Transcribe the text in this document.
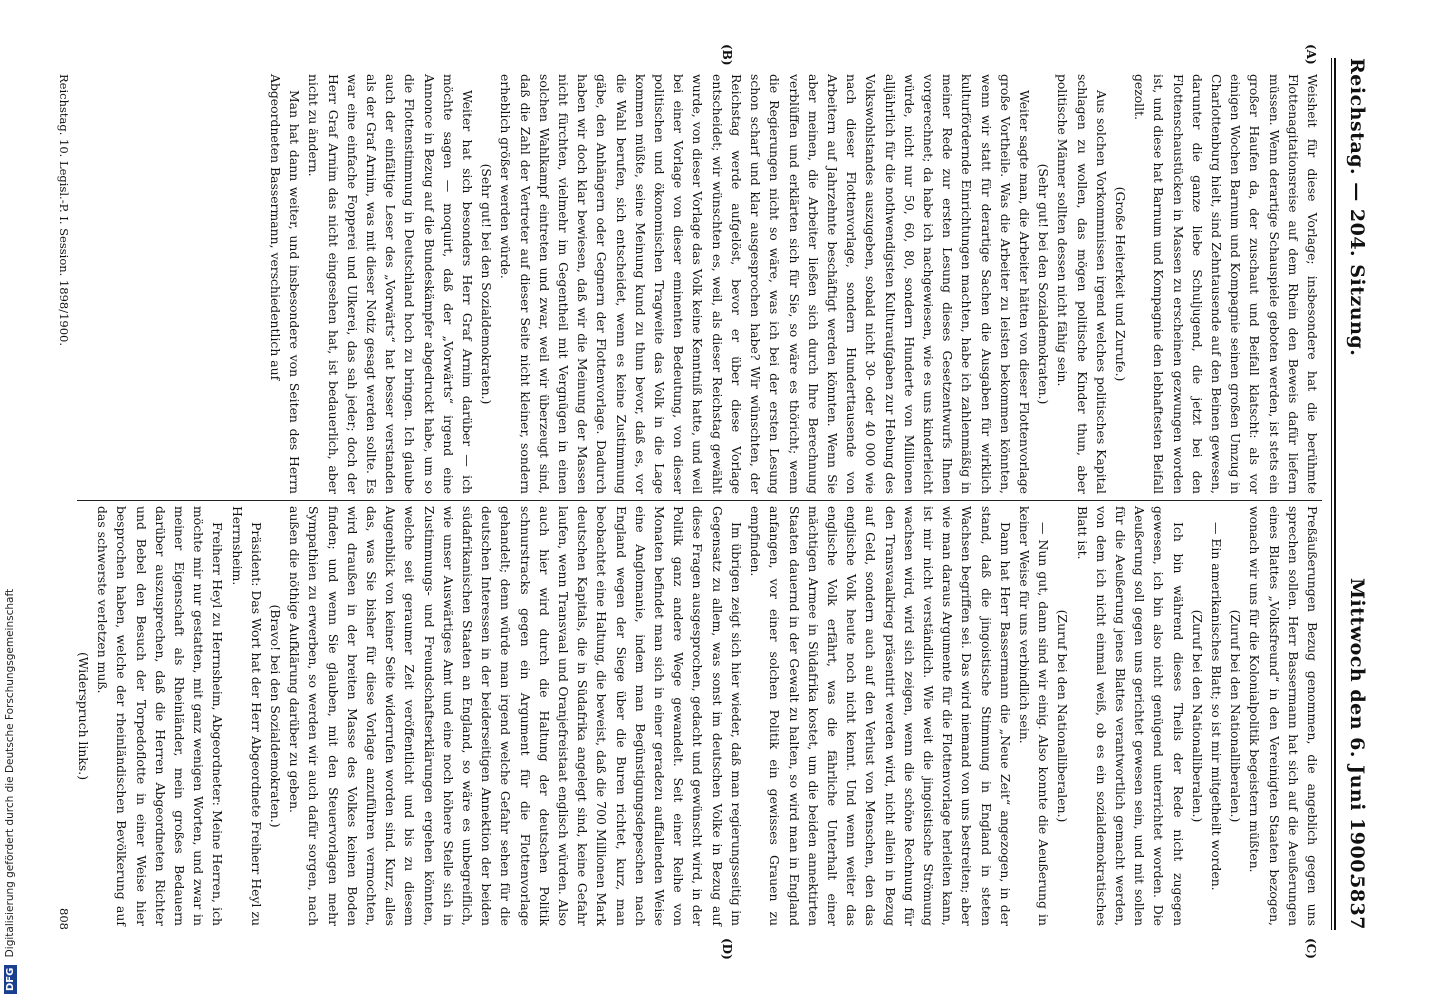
Reichstag. — 204. Sitzung.
5837
Mittwoch den 6. Juni 1900.
(A)
(B)
(C)
(D)

Weisheit für diese Vorlage; insbesondere hat die berühmte Flottenagitationsreise auf dem Rhein den Beweis dafür liefern müssen. Wenn derartige Schauspiele geboten werden, ist stets ein großer Haufen da, der zuschaut und Beifall klatscht: als vor einigen Wochen Barnum und Kompagnie seinen großen Umzug in Charlottenburg hielt, sind Zehntausende auf den Beinen gewesen, darunter die ganze liebe Schuljugend, die jetzt bei den Flottenschaustücken in Massen zu erscheinen gezwungen worden ist, und diese hat Barnum und Kompagnie den lebhaftesten Beifall gezollt.

(Große Heiterkeit und Zurufe.)

Aus solchen Vorkommnissen irgend welches politisches Kapital schlagen zu wollen, das mögen politische Kinder thun, aber politische Männer sollten dessen nicht fähig sein.

(Sehr gut! bei den Sozialdemokraten.)

Weiter sagte man, die Arbeiter hätten von dieser Flottenvorlage große Vortheile. Was die Arbeiter zu leisten bekommen könnten, wenn wir statt für derartige Sachen die Ausgaben für wirklich kulturfördernde Einrichtungen machten, habe ich zahlenmäßig in meiner Rede zur ersten Lesung dieses Gesetzentwurfs Ihnen vorgerechnet; da habe ich nachgewiesen, wie es uns kinderleicht würde, nicht nur 50, 60, 80, sondern Hunderte von Millionen alljährlich für die nothwendigsten Kulturaufgaben zur Hebung des Volkswohlstandes auszugeben, sobald nicht 30- oder 40 000 wie nach dieser Flottenvorlage, sondern Hunderttausende von Arbeitern auf Jahrzehnte beschäftigt werden könnten. Wenn Sie aber meinen, die Arbeiter ließen sich durch Ihre Berechnung verblüffen und erklärten sich für Sie, so wäre es thöricht; wenn die Regierungen nicht so wäre, was ich bei der ersten Lesung schon scharf und klar ausgesprochen habe? Wir wünschten, der Reichstag werde aufgelöst, bevor er über diese Vorlage entscheidet; wir wünschten es, weil, als dieser Reichstag gewählt wurde, von dieser Vorlage das Volk keine Kenntniß hatte, und weil bei einer Vorlage von dieser eminenten Bedeutung, von dieser politischen und ökonomischen Tragweite das Volk in die Lage kommen müßte, seine Meinung kund zu thun bevor, daß es, vor die Wahl berufen, sich entscheidet, wenn es keine Zustimmung gäbe, den Anhängern oder Gegnern der Flottenvorlage. Dadurch haben wir doch klar bewiesen, daß wir die Meinung der Massen nicht fürchten, vielmehr im Gegentheil mit Vergnügen in einen solchen Wahlkampf eintreten und zwar, weil wir überzeugt sind, daß die Zahl der Vertreter auf dieser Seite nicht kleiner, sondern erheblich größer werden würde.

(Sehr gut! bei den Sozialdemokraten.)

Weiter hat sich besonders Herr Graf Arnim darüber — ich möchte sagen — moquirt, daß der „Vorwärts“ irgend eine Annonce in Bezug auf die Bundeskämpfer abgedruckt habe, um so die Flottenstimmung in Deutschland hoch zu bringen. Ich glaube auch der einfältige Leser des „Vorwärts“ hat besser verstanden als der Graf Arnim, was mit dieser Notiz gesagt werden sollte. Es war eine einfache Fopperei und Ulkerei, das sah jeder; doch der Herr Graf Arnim das nicht eingesehen hat, ist bedauerlich, aber nicht zu ändern.

Man hat dann weiter, und insbesondere von Seiten des Herrn Abgeordneten Bassermann, verschiedentlich auf

Preßäußerungen Bezug genommen, die angeblich gegen uns sprechen sollen. Herr Bassermann hat sich auf die Aeußerungen eines Blattes „Volksfreund“ in den Vereinigten Staaten bezogen, wonach wir uns für die Kolonialpolitik begeistern müßten.

(Zuruf bei den Nationalliberalen.)

— Ein amerikanisches Blatt; so ist mir mitgetheilt worden.

(Zuruf bei den Nationalliberalen.)

Ich bin während dieses Theils der Rede nicht zugegen gewesen, ich bin also nicht genügend unterrichtet worden. Die Aeußerung soll gegen uns gerichtet gewesen sein, und mit sollen für die Aeußerung jenes Blattes verantwortlich gemacht werden, von dem ich nicht einmal weiß, ob es ein sozialdemokratisches Blatt ist.

(Zuruf bei den Nationalliberalen.)

— Nun gut, dann sind wir einig. Also konnte die Aeußerung in keiner Weise für uns verbindlich sein.

Dann hat Herr Bassermann die „Neue Zeit“ angezogen, in der stand, daß die jingoistische Stimmung in England in steten Wachsen begriffen sei. Das wird niemand von uns bestreiten; aber wie man daraus Argumente für die Flottenvorlage herleiten kann, ist mir nicht verständlich. Wie weit die jingoistische Strömung wachsen wird, wird sich zeigen, wenn die schöne Rechnung für den Transvaalkrieg präsentirt werden wird, nicht allein in Bezug auf Geld, sondern auch auf den Verlust von Menschen, den das englische Volk heute noch nicht kennt. Und wenn weiter das englische Volk erfährt, was die fährliche Unterhalt einer mächtigen Armee in Südafrika kostet, um die beiden annektirten Staaten dauernd in der Gewalt zu halten, so wird man in England anfangen, vor einer solchen Politik ein gewisses Grauen zu empfinden.

Im übrigen zeigt sich hier wieder, daß man regierungsseitig im Gegensatz zu allem, was sonst im deutschen Volke in Bezug auf diese Fragen ausgesprochen, gedacht und gewünscht wird, in der Politik ganz andere Wege gewandelt. Seit einer Reihe von Monaten befindet man sich in einer geradezu auffallenden Weise eine Anglomanie, indem man Begünstigungsdepeschen nach England wegen der Siege über die Buren richtet, kurz, man beobachtet eine Haltung, die beweist, daß die 700 Millionen Mark deutschen Kapitals, die in Südafrika angelegt sind, keine Gefahr laufen, wenn Transvaal und Oranjefreistaat englisch würden. Also auch hier wird durch die Haltung der deutschen Politik schnurstracks gegen ein Argument für die Flottenvorlage gehandelt; denn würde man irgend welche Gefahr sehen für die deutschen Interessen in der beiderseitigen Annektion der beiden südafrikanischen Staaten an England, so wäre es unbegreiflich, wie unser Auswärtiges Amt und eine noch höhere Stelle sich in Zustimmungs- und Freundschaftserklärungen ergehen könnten, welche seit geraumer Zeit veröffentlicht und bis zu diesem Augenblick von keiner Seite widerrufen worden sind. Kurz, alles das, was Sie bisher für diese Vorlage anzuführen vermochten, wird draußen in der breiten Masse des Volkes keinen Boden finden; und wenn Sie glauben, mit den Steuervorlagen mehr Sympathien zu erwerben, so werden wir auch dafür sorgen, nach außen die nöthige Aufklärung darüber zu geben.

(Bravo! bei den Sozialdemokraten.)

Präsident: Das Wort hat der Herr Abgeordnete Freiherr Heyl zu Herrnsheim.

Freiherr Heyl zu Herrnsheim, Abgeordneter: Meine Herren, ich möchte mir nur gestatten, mit ganz wenigen Worten, und zwar in meiner Eigenschaft als Rheinländer, mein großes Bedauern darüber auszusprechen, daß die Herren Abgeordneten Richter und Bebel den Besuch der Torpedoflotte in einer Weise hier besprochen haben, welche der rheinländischen Bevölkerung auf das schwerste verletzen muß.

(Widerspruch links.)

Reichstag. 10. Legisl.-P. I. Session. 1898/1900.
808
DFG Digitalisierung gefördert durch die Deutsche Forschungsgemeinschaft
